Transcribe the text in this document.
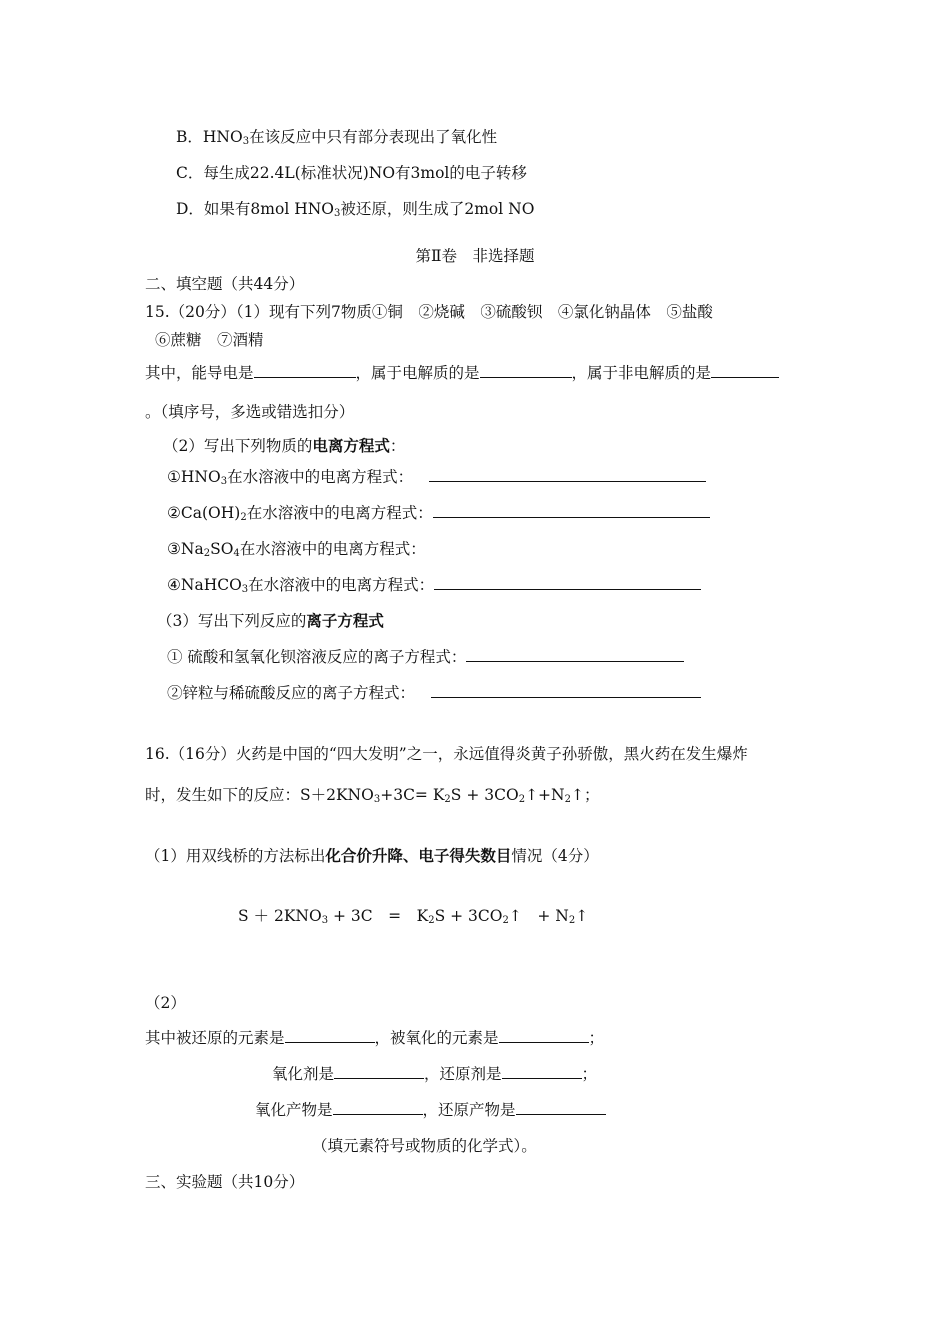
B．$HNO_3$在该反应中只有部分表现出了氧化性
C．每生成22.4L(标准状况)NO有3mol的电子转移
D．如果有8mol $HNO_3$被还原，则生成了2mol NO
第Ⅱ卷　非选择题
二、填空题（共44分）
15.（20分）（1）现有下列7物质①铜　②烧碱　③硫酸钡　④氯化钠晶体　⑤盐酸
⑥蔗糖　⑦酒精
其中，能导电是	，属于电解质的是	，属于非电解质的是
。（填序号，多选或错选扣分）
（2）写出下列物质的电离方程式：
$①HNO_3$在水溶液中的电离方程式：
$②Ca(OH)_2$在水溶液中的电离方程式：
$③Na_2SO_4$在水溶液中的电离方程式：
④NaHCO$_3$在水溶液中的电离方程式：
（3）写出下列反应的离子方程式
① 硫酸和氢氧化钡溶液反应的离子方程式：
②锌粒与稀硫酸反应的离子方程式：
16.（16分）火药是中国的“四大发明”之一，永远值得炎黄子孙骄傲，黑火药在发生爆炸
时，发生如下的反应：$S+2KNO_3+3C= K_2S$ + $3CO_2↑+N_2↑$；
（1）用双线桥的方法标出化合价升降、电子得失数目情况（4分）
$S + 2KNO_3 + 3C$　=　$K_2S$ + $3CO_2↑$　+ $N_2↑$
（2）
其中被还原的元素是	，被氧化的元素是	；
氧化剂是	，还原剂是	；
氧化产物是	，还原产物是
（填元素符号或物质的化学式）。
三、实验题（共10分）
